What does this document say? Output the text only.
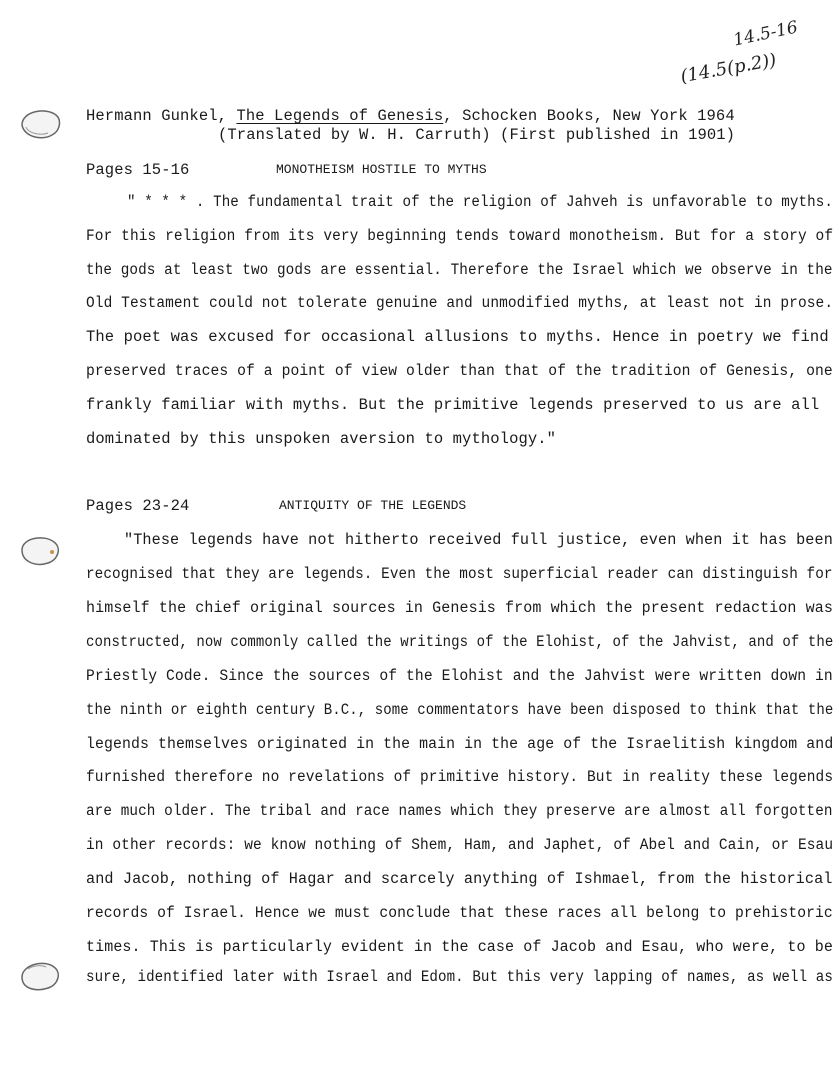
14.5-16
(14.5(p.2))
Hermann Gunkel, The Legends of Genesis, Schocken Books, New York 1964
(Translated by W. H. Carruth) (First published in 1901)
Pages 15-16	MONOTHEISM HOSTILE TO MYTHS
" * * * . The fundamental trait of the religion of Jahveh is unfavorable to myths.
For this religion from its very beginning tends toward monotheism. But for a story of
the gods at least two gods are essential. Therefore the Israel which we observe in the
Old Testament could not tolerate genuine and unmodified myths, at least not in prose.
The poet was excused for occasional allusions to myths. Hence in poetry we find
preserved traces of a point of view older than that of the tradition of Genesis, one
frankly familiar with myths. But the primitive legends preserved to us are all
dominated by this unspoken aversion to mythology."
Pages 23-24	ANTIQUITY OF THE LEGENDS
"These legends have not hitherto received full justice, even when it has been
recognised that they are legends. Even the most superficial reader can distinguish for
himself the chief original sources in Genesis from which the present redaction was
constructed, now commonly called the writings of the Elohist, of the Jahvist, and of the
Priestly Code. Since the sources of the Elohist and the Jahvist were written down in
the ninth or eighth century B.C., some commentators have been disposed to think that the
legends themselves originated in the main in the age of the Israelitish kingdom and
furnished therefore no revelations of primitive history. But in reality these legends
are much older. The tribal and race names which they preserve are almost all forgotten
in other records: we know nothing of Shem, Ham, and Japhet, of Abel and Cain, or Esau
and Jacob, nothing of Hagar and scarcely anything of Ishmael, from the historical
records of Israel. Hence we must conclude that these races all belong to prehistoric
times. This is particularly evident in the case of Jacob and Esau, who were, to be
sure, identified later with Israel and Edom. But this very lapping of names, as well as
